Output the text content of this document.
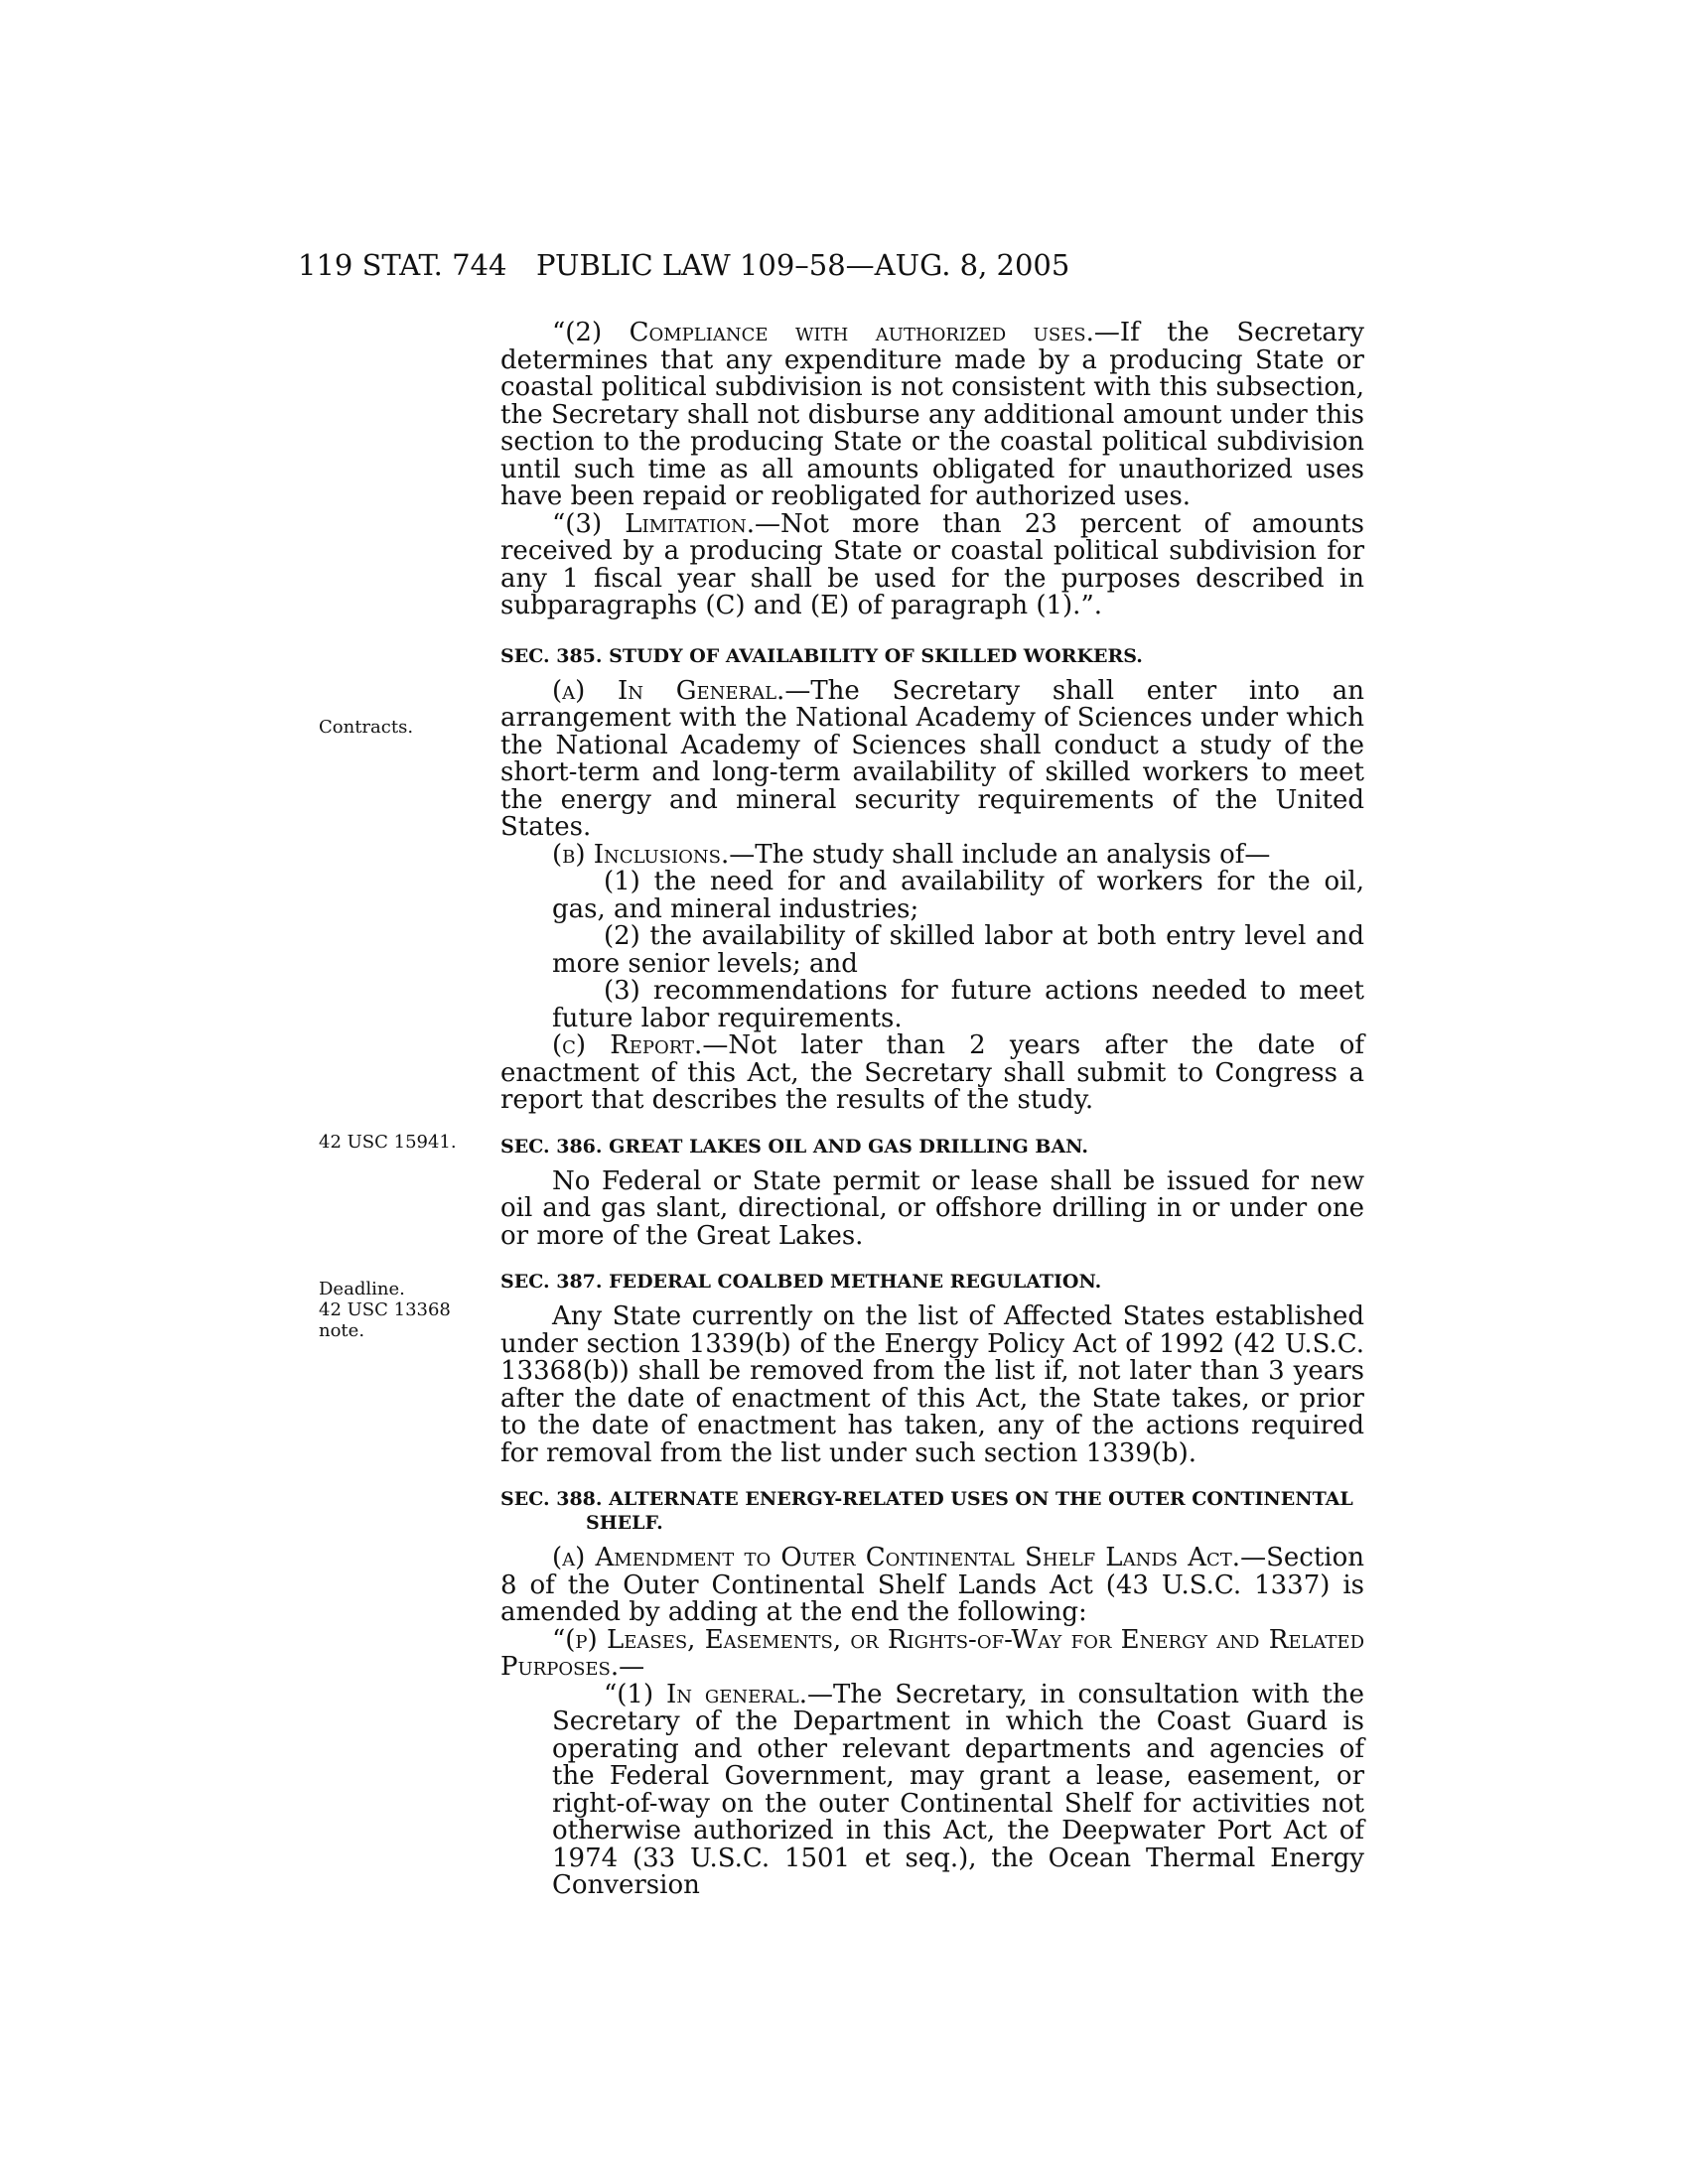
119 STAT. 744 PUBLIC LAW 109–58—AUG. 8, 2005
Contracts.
42 USC 15941.
Deadline.
42 USC 13368
note.

“(2) Compliance with authorized uses.—If the Secretary determines that any expenditure made by a producing State or coastal political subdivision is not consistent with this subsection, the Secretary shall not disburse any additional amount under this section to the producing State or the coastal political subdivision until such time as all amounts obligated for unauthorized uses have been repaid or reobligated for authorized uses.

“(3) Limitation.—Not more than 23 percent of amounts received by a producing State or coastal political subdivision for any 1 fiscal year shall be used for the purposes described in subparagraphs (C) and (E) of paragraph (1).”.

SEC. 385. STUDY OF AVAILABILITY OF SKILLED WORKERS.

(a) In General.—The Secretary shall enter into an arrangement with the National Academy of Sciences under which the National Academy of Sciences shall conduct a study of the short-term and long-term availability of skilled workers to meet the energy and mineral security requirements of the United States.

(b) Inclusions.—The study shall include an analysis of—

(1) the need for and availability of workers for the oil, gas, and mineral industries;

(2) the availability of skilled labor at both entry level and more senior levels; and

(3) recommendations for future actions needed to meet future labor requirements.

(c) Report.—Not later than 2 years after the date of enactment of this Act, the Secretary shall submit to Congress a report that describes the results of the study.

SEC. 386. GREAT LAKES OIL AND GAS DRILLING BAN.

No Federal or State permit or lease shall be issued for new oil and gas slant, directional, or offshore drilling in or under one or more of the Great Lakes.

SEC. 387. FEDERAL COALBED METHANE REGULATION.

Any State currently on the list of Affected States established under section 1339(b) of the Energy Policy Act of 1992 (42 U.S.C. 13368(b)) shall be removed from the list if, not later than 3 years after the date of enactment of this Act, the State takes, or prior to the date of enactment has taken, any of the actions required for removal from the list under such section 1339(b).

SEC. 388. ALTERNATE ENERGY-RELATED USES ON THE OUTER CONTINENTAL SHELF.

(a) Amendment to Outer Continental Shelf Lands Act.—Section 8 of the Outer Continental Shelf Lands Act (43 U.S.C. 1337) is amended by adding at the end the following:

“(p) Leases, Easements, or Rights-of-Way for Energy and Related Purposes.—

“(1) In general.—The Secretary, in consultation with the Secretary of the Department in which the Coast Guard is operating and other relevant departments and agencies of the Federal Government, may grant a lease, easement, or right-of-way on the outer Continental Shelf for activities not otherwise authorized in this Act, the Deepwater Port Act of 1974 (33 U.S.C. 1501 et seq.), the Ocean Thermal Energy Conversion
